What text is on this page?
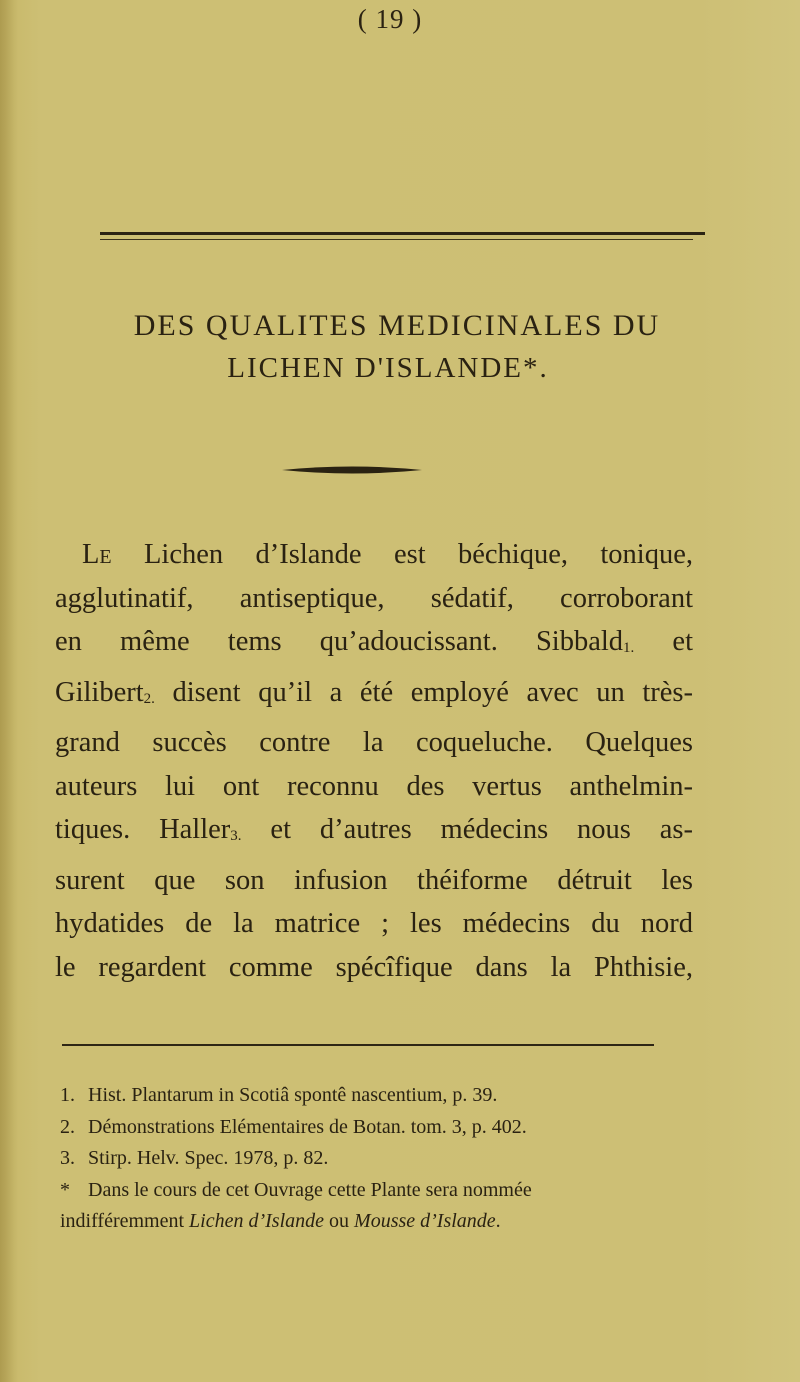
( 19 )
DES QUALITES MEDICINALES DU
LICHEN D'ISLANDE*.
Le Lichen d’Islande est béchique, tonique,
agglutinatif, antiseptique, sédatif, corroborant
en même tems qu’adoucissant. Sibbald1. et
Gilibert2. disent qu’il a été employé avec un très-
grand succès contre la coqueluche. Quelques
auteurs lui ont reconnu des vertus anthelmin-
tiques. Haller3. et d’autres médecins nous as-
surent que son infusion théiforme détruit les
hydatides de la matrice ; les médecins du nord
le regardent comme spécîfique dans la Phthisie,
1. Hist. Plantarum in Scotiâ spontê nascentium, p. 39.
2. Démonstrations Elémentaires de Botan. tom. 3, p. 402.
3. Stirp. Helv. Spec. 1978, p. 82.
* Dans le cours de cet Ouvrage cette Plante sera nommée
indifféremment Lichen d’Islande ou Mousse d’Islande.
